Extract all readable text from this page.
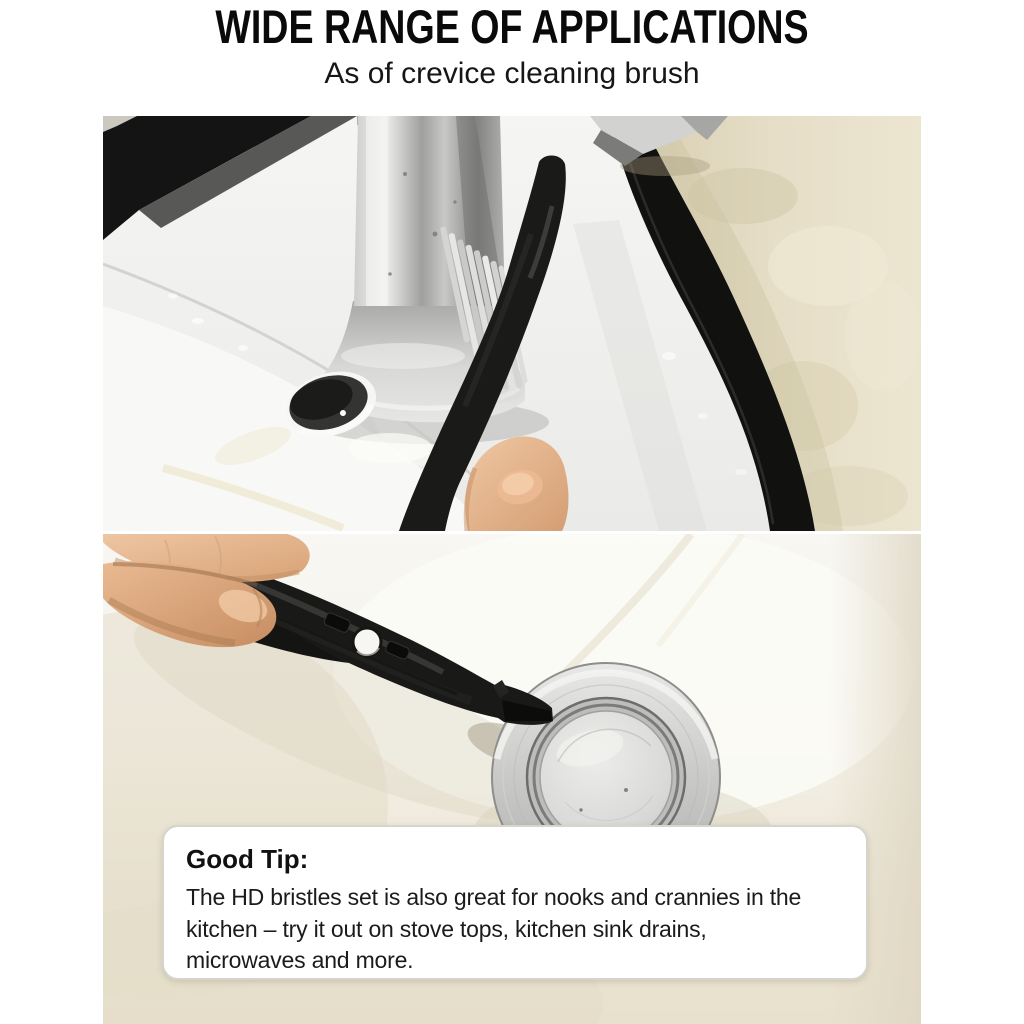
WIDE RANGE OF APPLICATIONS
As of crevice cleaning brush
Good Tip:
The HD bristles set is also great for nooks and crannies in the
kitchen – try it out on stove tops, kitchen sink drains,
microwaves and more.
